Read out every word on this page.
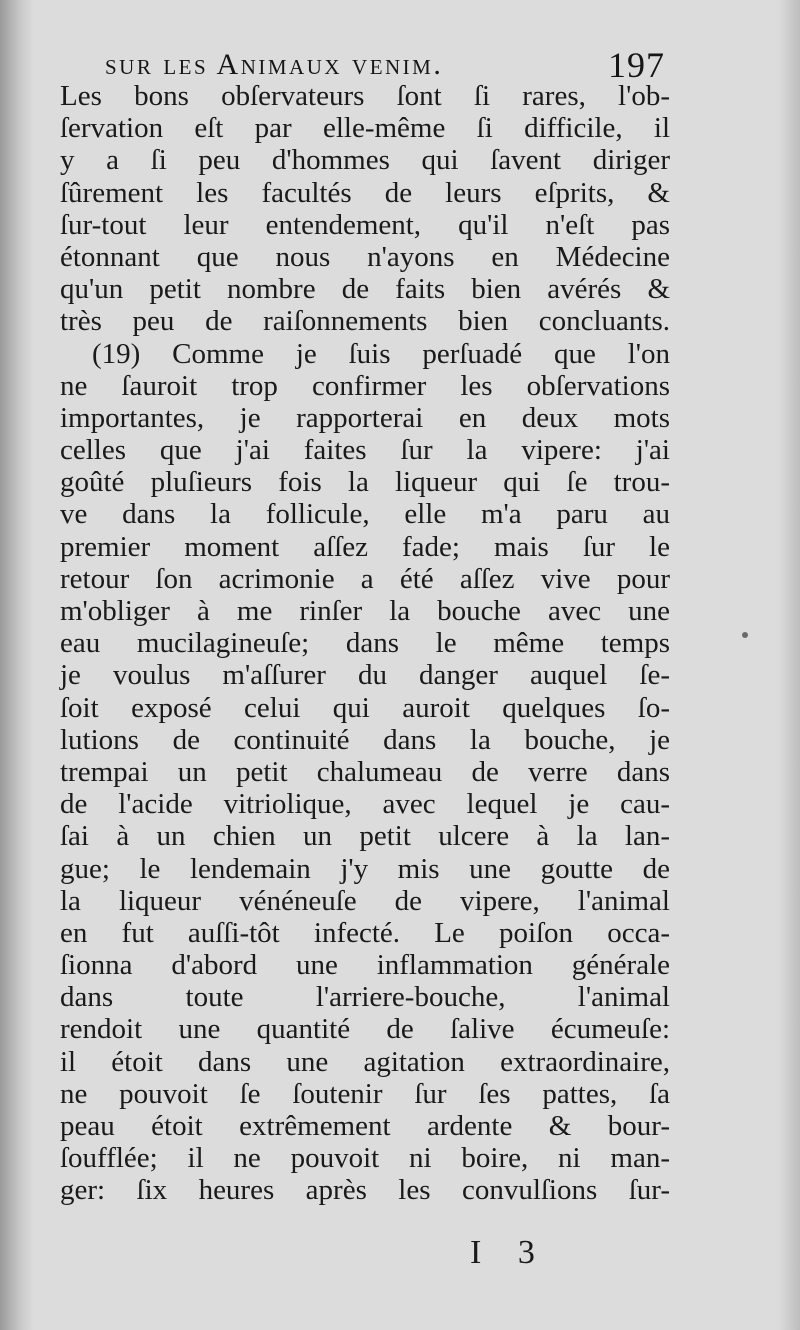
sur les Animaux venim.	197
Les bons obſervateurs ſont ſi rares, l'ob-
ſervation eſt par elle-même ſi difficile, il
y a ſi peu d'hommes qui ſavent diriger
ſûrement les facultés de leurs eſprits, &
ſur-tout leur entendement, qu'il n'eſt pas
étonnant que nous n'ayons en Médecine
qu'un petit nombre de faits bien avérés &
très peu de raiſonnements bien concluants.
(19) Comme je ſuis perſuadé que l'on
ne ſauroit trop confirmer les obſervations
importantes, je rapporterai en deux mots
celles que j'ai faites ſur la vipere: j'ai
goûté pluſieurs fois la liqueur qui ſe trou-
ve dans la follicule, elle m'a paru au
premier moment aſſez fade; mais ſur le
retour ſon acrimonie a été aſſez vive pour
m'obliger à me rinſer la bouche avec une
eau mucilagineuſe; dans le même temps
je voulus m'aſſurer du danger auquel ſe-
ſoit exposé celui qui auroit quelques ſo-
lutions de continuité dans la bouche, je
trempai un petit chalumeau de verre dans
de l'acide vitriolique, avec lequel je cau-
ſai à un chien un petit ulcere à la lan-
gue; le lendemain j'y mis une goutte de
la liqueur vénéneuſe de vipere, l'animal
en fut auſſi-tôt infecté. Le poiſon occa-
ſionna d'abord une inflammation générale
dans toute l'arriere-bouche, l'animal
rendoit une quantité de ſalive écumeuſe:
il étoit dans une agitation extraordinaire,
ne pouvoit ſe ſoutenir ſur ſes pattes, ſa
peau étoit extrêmement ardente & bour-
ſoufflée; il ne pouvoit ni boire, ni man-
ger: ſix heures après les convulſions ſur-
I 3
